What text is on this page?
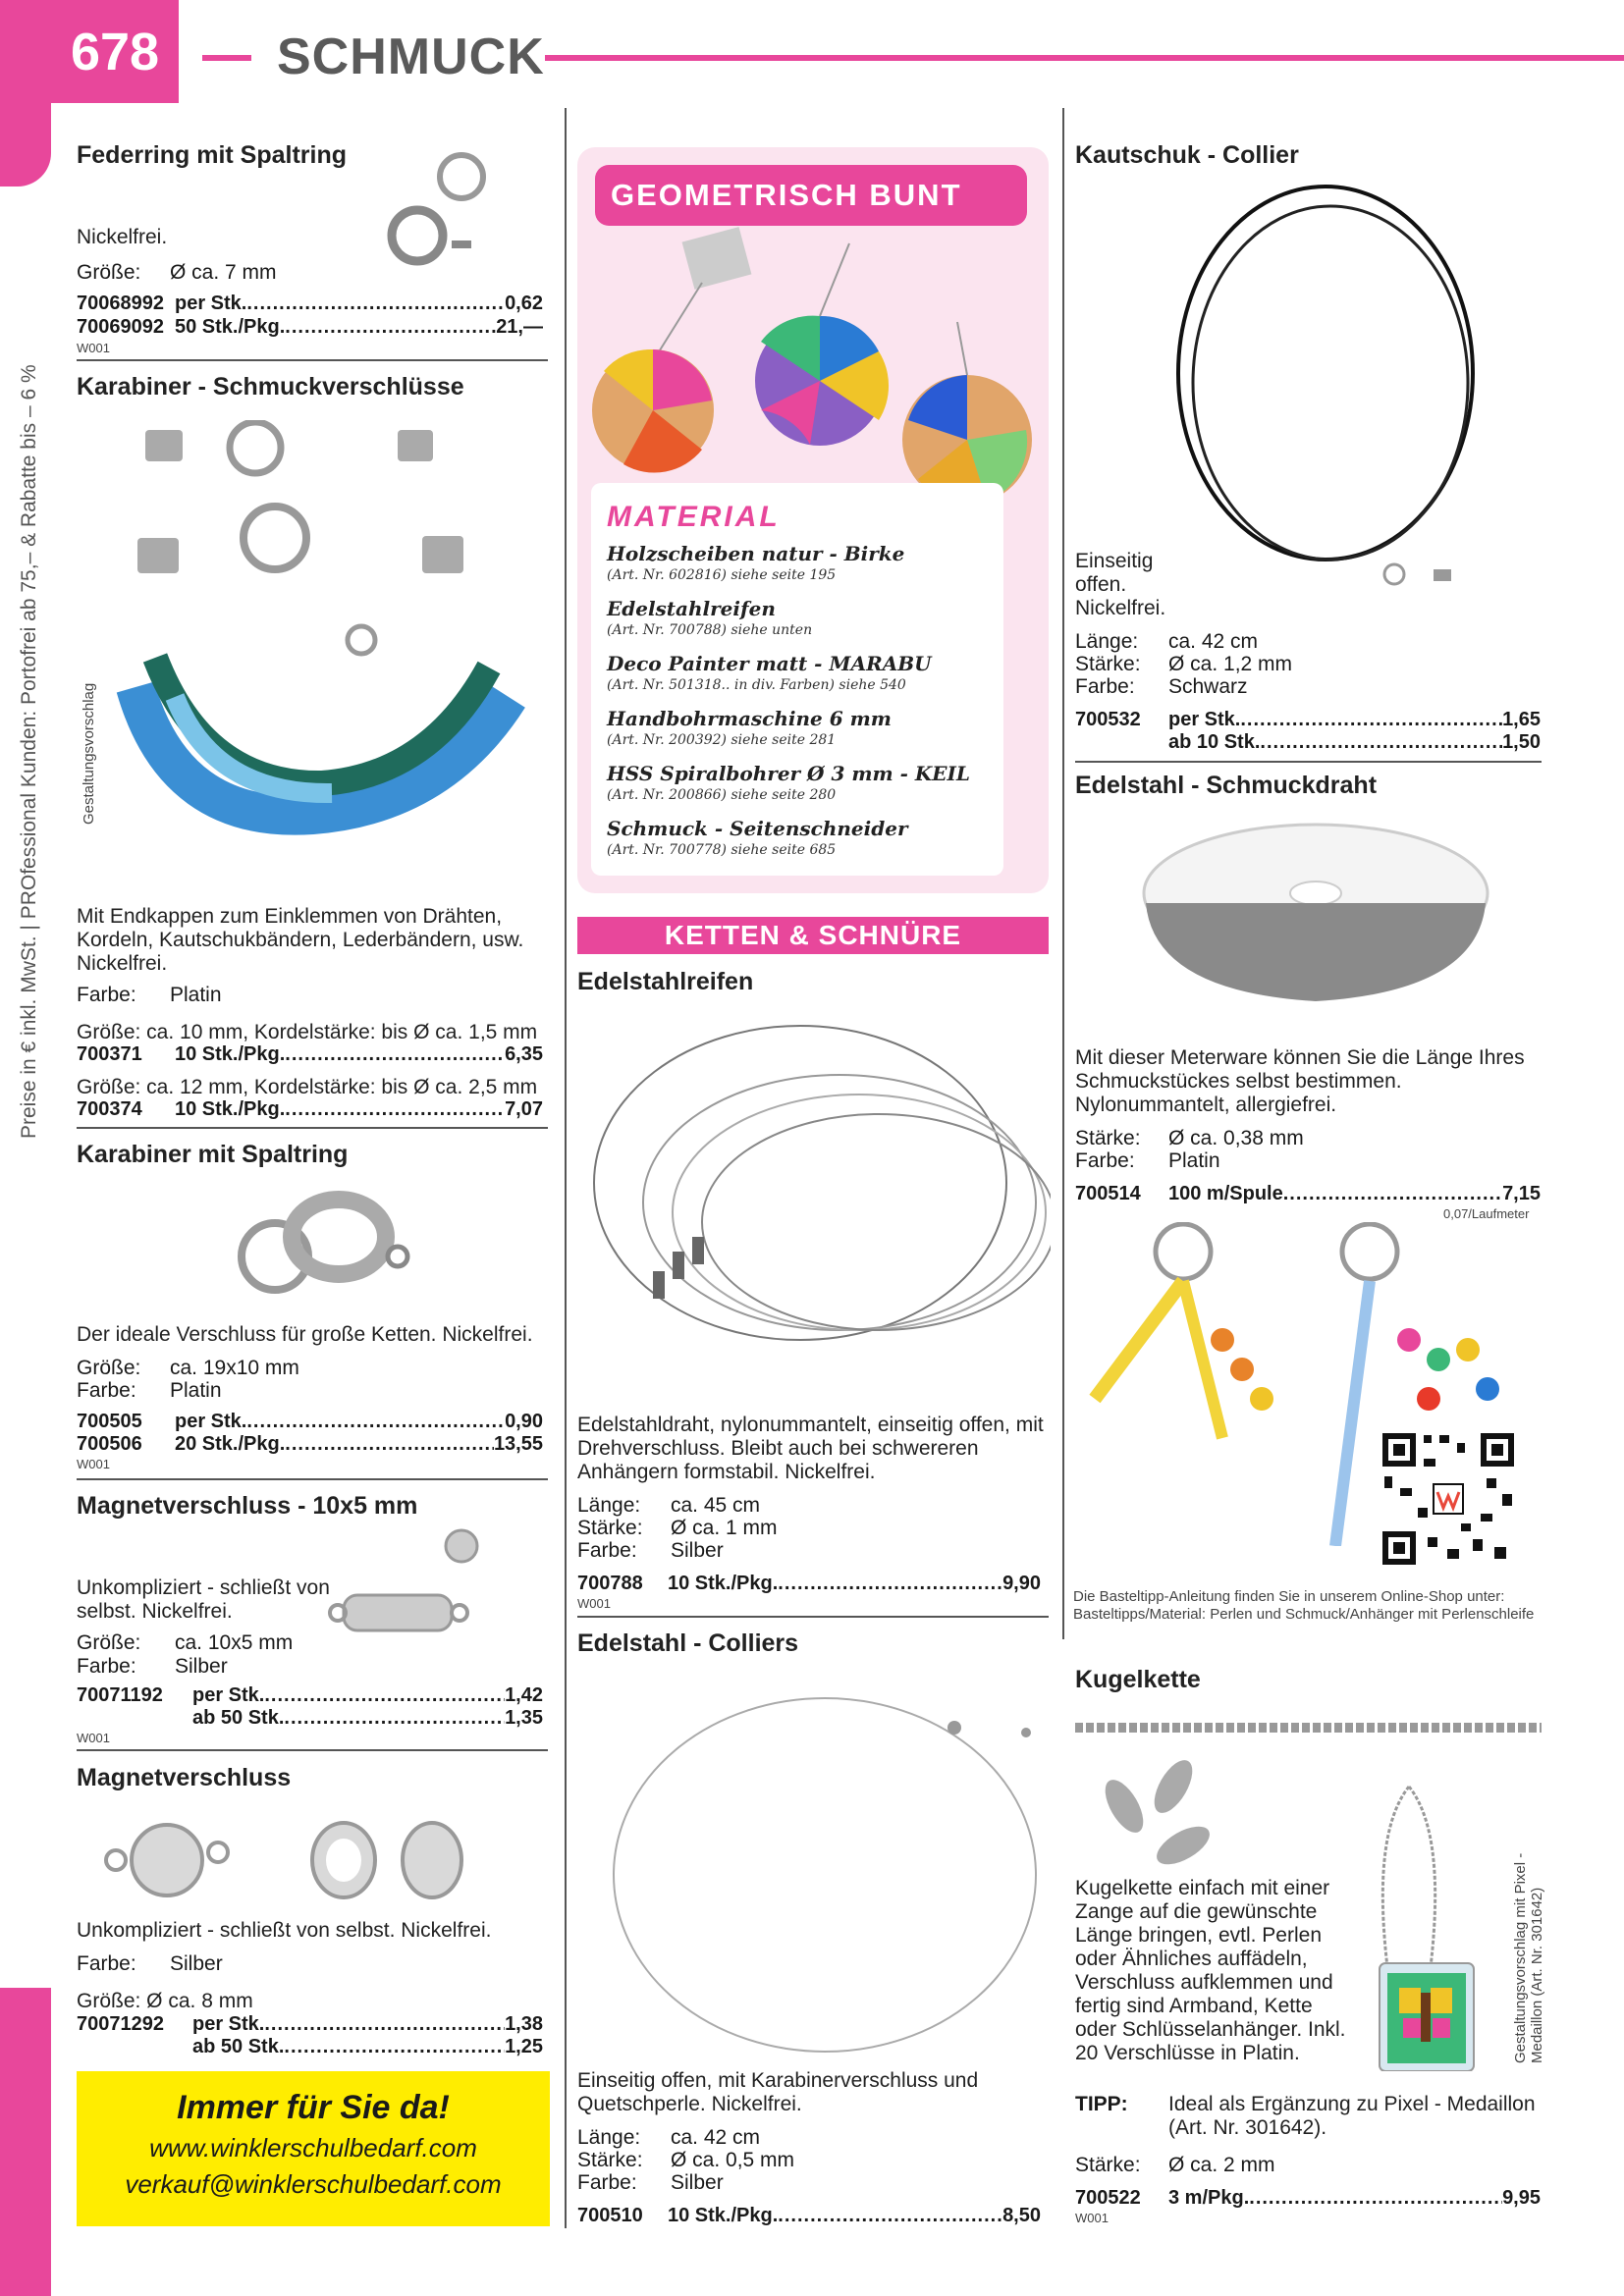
678	SCHMUCK
Preise in € inkl. MwSt. | PROfessional Kunden: Portofrei ab 75,– & Rabatte bis – 6 %
Federring mit Spaltring
Nickelfrei.
Größe:	Ø ca. 7 mm
70068992 per Stk. .....	0,62
70069092 50 Stk./Pkg. .....	21,—
W001
Karabiner - Schmuckverschlüsse
Gestaltungsvorschlag
Mit Endkappen zum Einklemmen von Drähten, Kordeln, Kautschukbändern, Lederbändern, usw. Nickelfrei.
Farbe:	Platin
Größe: ca. 10 mm, Kordelstärke: bis Ø ca. 1,5 mm
700371	10 Stk./Pkg. .....	6,35
Größe: ca. 12 mm, Kordelstärke: bis Ø ca. 2,5 mm
700374	10 Stk./Pkg. .....	7,07
Karabiner mit Spaltring
Der ideale Verschluss für große Ketten. Nickelfrei.
Größe:	ca. 19x10 mm
Farbe:	Platin
700505	per Stk. .....	0,90
700506	20 Stk./Pkg. .....	13,55
W001
Magnetverschluss - 10x5 mm
Unkompliziert - schließt von selbst. Nickelfrei.
Größe:	ca. 10x5 mm
Farbe:	Silber
70071192	per Stk. .....	1,42
ab 50 Stk. .....	1,35
W001
Magnetverschluss
Unkompliziert - schließt von selbst. Nickelfrei.
Farbe:	Silber
Größe: Ø ca. 8 mm
70071292	per Stk. .....	1,38
ab 50 Stk. .....	1,25
Immer für Sie da!
www.winklerschulbedarf.com
verkauf@winklerschulbedarf.com
GEOMETRISCH BUNT
MATERIAL
Holzscheiben natur - Birke
(Art. Nr. 602816) siehe seite 195
Edelstahlreifen
(Art. Nr. 700788) siehe unten
Deco Painter matt - MARABU
(Art. Nr. 501318.. in div. Farben) siehe 540
Handbohrmaschine 6 mm
(Art. Nr. 200392) siehe seite 281
HSS Spiralbohrer Ø 3 mm - KEIL
(Art. Nr. 200866) siehe seite 280
Schmuck - Seitenschneider
(Art. Nr. 700778) siehe seite 685
KETTEN & SCHNÜRE
Edelstahlreifen
Edelstahldraht, nylonummantelt, einseitig offen, mit Drehverschluss. Bleibt auch bei schwereren Anhängern formstabil. Nickelfrei.
Länge:	ca. 45 cm
Stärke:	Ø ca. 1 mm
Farbe:	Silber
700788	10 Stk./Pkg. .....	9,90
W001
Edelstahl - Colliers
Einseitig offen, mit Karabinerverschluss und Quetschperle. Nickelfrei.
Länge:	ca. 42 cm
Stärke:	Ø ca. 0,5 mm
Farbe:	Silber
700510	10 Stk./Pkg. .....	8,50
Kautschuk - Collier
Einseitig offen. Nickelfrei.
Länge:	ca. 42 cm
Stärke:	Ø ca. 1,2 mm
Farbe:	Schwarz
700532	per Stk. .....	1,65
ab 10 Stk. .....	1,50
Edelstahl - Schmuckdraht
Mit dieser Meterware können Sie die Länge Ihres Schmuckstückes selbst bestimmen. Nylonummantelt, allergiefrei.
Stärke:	Ø ca. 0,38 mm
Farbe:	Platin
700514	100 m/Spule .....	7,15
0,07/Laufmeter
Die Basteltipp-Anleitung finden Sie in unserem Online-Shop unter: Basteltipps/Material: Perlen und Schmuck/Anhänger mit Perlenschleife
Kugelkette
Gestaltungsvorschlag mit Pixel - Medaillon (Art. Nr. 301642)
Kugelkette einfach mit einer Zange auf die gewünschte Länge bringen, evtl. Perlen oder Ähnliches auffädeln, Verschluss aufklemmen und fertig sind Armband, Kette oder Schlüsselanhänger. Inkl. 20 Verschlüsse in Platin.
TIPP:	Ideal als Ergänzung zu Pixel - Medaillon (Art. Nr. 301642).
Stärke:	Ø ca. 2 mm
700522	3 m/Pkg. .....	9,95
W001
